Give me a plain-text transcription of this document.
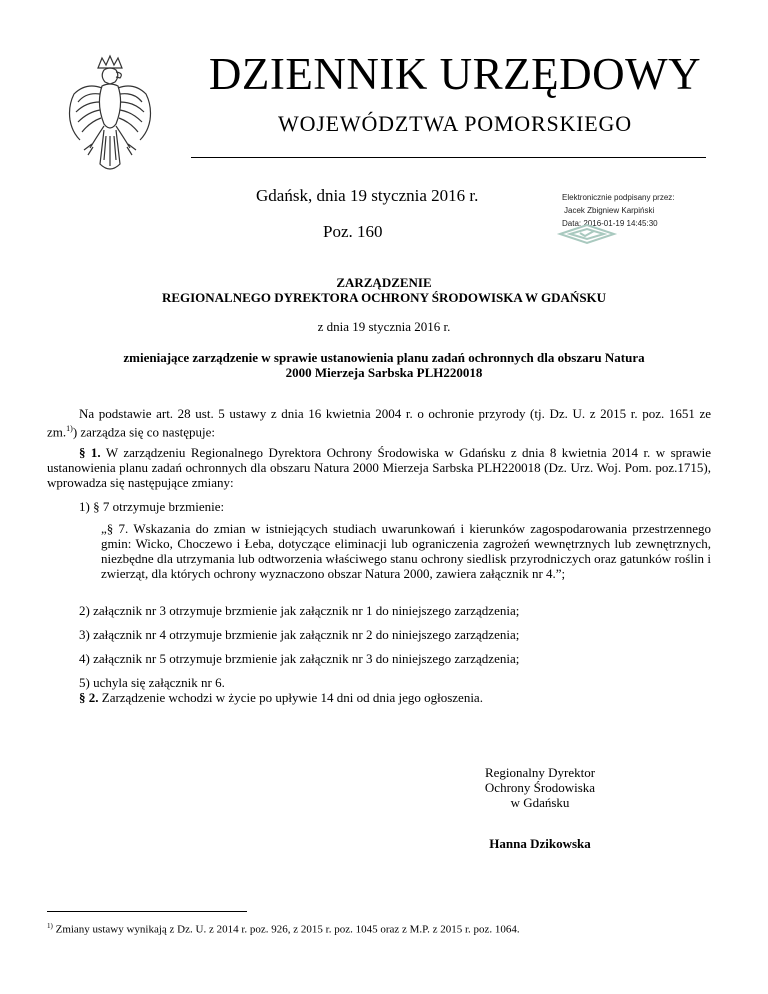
DZIENNIK URZĘDOWY
WOJEWÓDZTWA POMORSKIEGO
Gdańsk, dnia 19 stycznia 2016 r.
Poz. 160
Elektronicznie podpisany przez:
Jacek Zbigniew Karpiński
Data: 2016-01-19 14:45:30
ZARZĄDZENIE
REGIONALNEGO DYREKTORA OCHRONY ŚRODOWISKA W GDAŃSKU
z dnia 19 stycznia 2016 r.
zmieniające zarządzenie w sprawie ustanowienia planu zadań ochronnych dla obszaru Natura
2000 Mierzeja Sarbska PLH220018
Na podstawie art. 28 ust. 5 ustawy z dnia 16 kwietnia 2004 r. o ochronie przyrody (tj. Dz. U. z 2015 r. poz. 1651 ze zm.$^{1)}$) zarządza się co następuje:
§ 1. W zarządzeniu Regionalnego Dyrektora Ochrony Środowiska w Gdańsku z dnia 8 kwietnia 2014 r. w sprawie ustanowienia planu zadań ochronnych dla obszaru Natura 2000 Mierzeja Sarbska PLH220018 (Dz. Urz. Woj. Pom. poz.1715), wprowadza się następujące zmiany:
1) § 7 otrzymuje brzmienie:
„§ 7. Wskazania do zmian w istniejących studiach uwarunkowań i kierunków zagospodarowania przestrzennego gmin: Wicko, Choczewo i Łeba, dotyczące eliminacji lub ograniczenia zagrożeń wewnętrznych lub zewnętrznych, niezbędne dla utrzymania lub odtworzenia właściwego stanu ochrony siedlisk przyrodniczych oraz gatunków roślin i zwierząt, dla których ochrony wyznaczono obszar Natura 2000, zawiera załącznik nr 4.”;
2) załącznik nr 3 otrzymuje brzmienie jak załącznik nr 1 do niniejszego zarządzenia;
3) załącznik nr 4 otrzymuje brzmienie jak załącznik nr 2 do niniejszego zarządzenia;
4) załącznik nr 5 otrzymuje brzmienie jak załącznik nr 3 do niniejszego zarządzenia;
5) uchyla się załącznik nr 6.
§ 2. Zarządzenie wchodzi w życie po upływie 14 dni od dnia jego ogłoszenia.
Regionalny Dyrektor
Ochrony Środowiska
w Gdańsku
Hanna Dzikowska
$^{1)}$ Zmiany ustawy wynikają z Dz. U. z 2014 r. poz. 926, z 2015 r. poz. 1045 oraz z M.P. z 2015 r. poz. 1064.
